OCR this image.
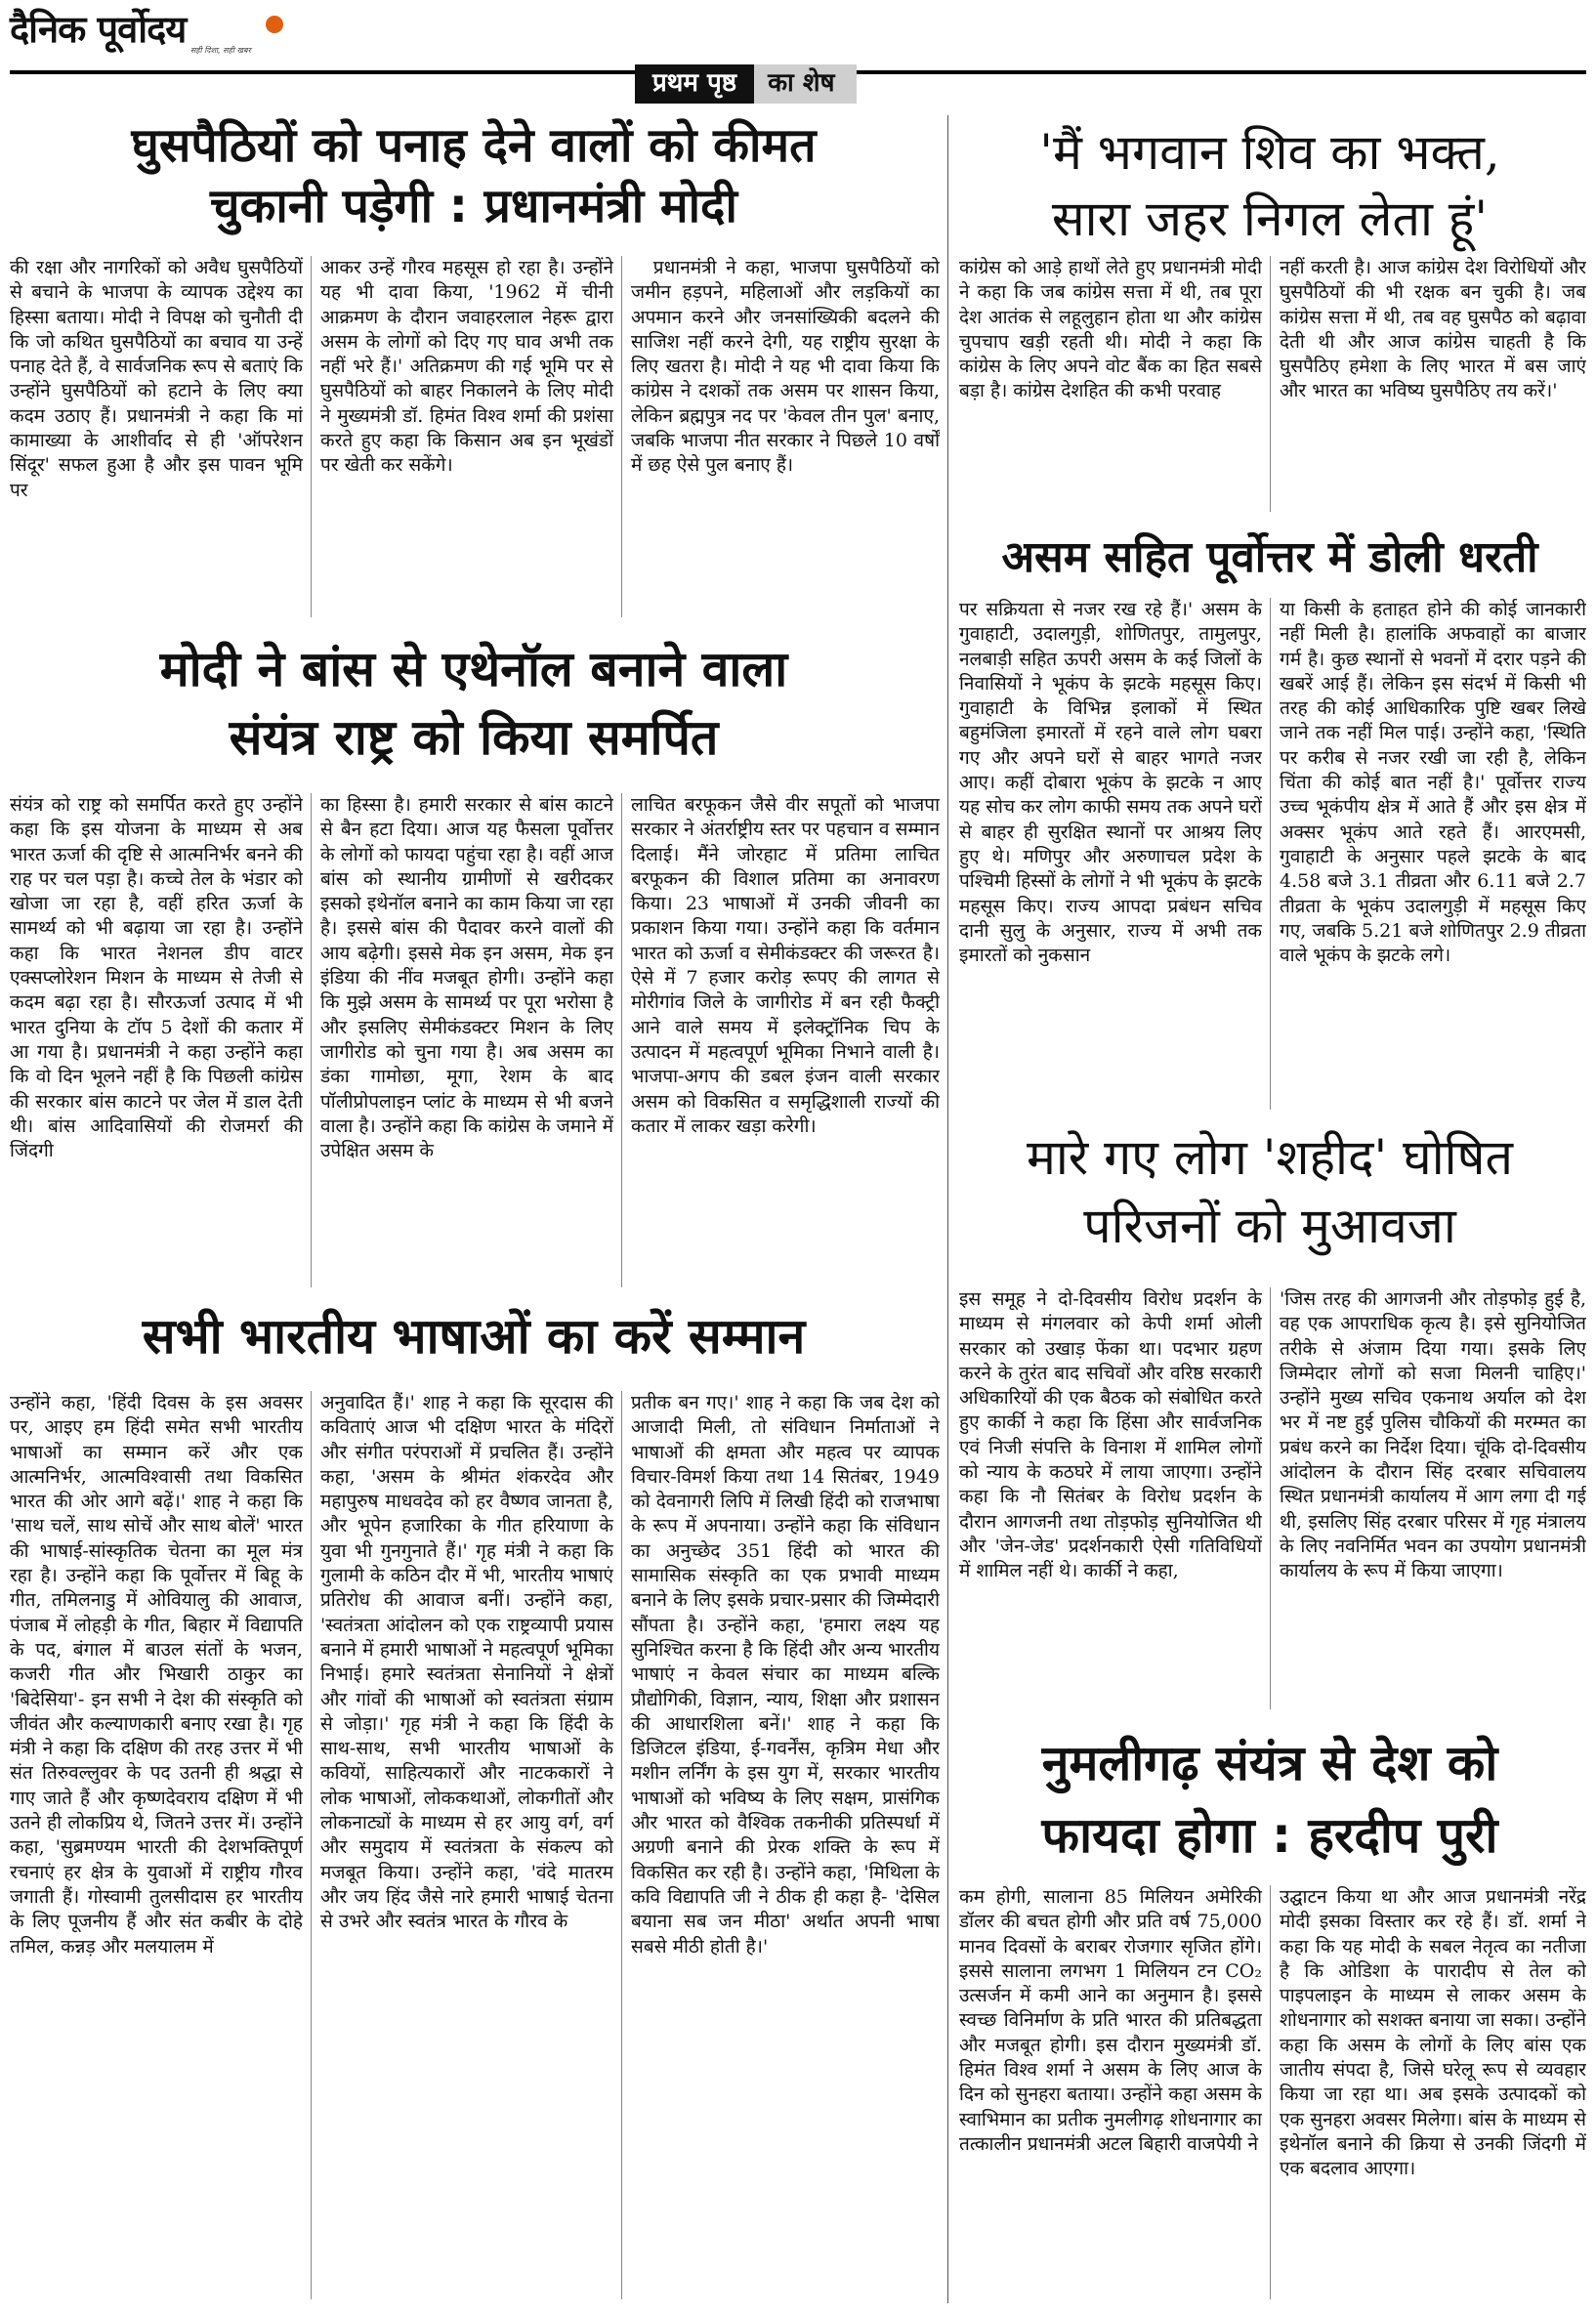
दैनिक पूर्वोदय सही दिशा, सही खबर
प्रथम पृष्ठ	का शेष
घुसपैठियों को पनाह देने वालों को कीमत
चुकानी पड़ेगी : प्रधानमंत्री मोदी

की रक्षा और नागरिकों को अवैध घुसपैठियों से बचाने के भाजपा के व्यापक उद्देश्य का हिस्सा बताया। मोदी ने विपक्ष को चुनौती दी कि जो कथित घुसपैठियों का बचाव या उन्हें पनाह देते हैं, वे सार्वजनिक रूप से बताएं कि उन्होंने घुसपैठियों को हटाने के लिए क्या कदम उठाए हैं। प्रधानमंत्री ने कहा कि मां कामाख्या के आशीर्वाद से ही 'ऑपरेशन सिंदूर' सफल हुआ है और इस पावन भूमि पर

आकर उन्हें गौरव महसूस हो रहा है। उन्होंने यह भी दावा किया, '1962 में चीनी आक्रमण के दौरान जवाहरलाल नेहरू द्वारा असम के लोगों को दिए गए घाव अभी तक नहीं भरे हैं।' अतिक्रमण की गई भूमि पर से घुसपैठियों को बाहर निकालने के लिए मोदी ने मुख्यमंत्री डॉ. हिमंत विश्व शर्मा की प्रशंसा करते हुए कहा कि किसान अब इन भूखंडों पर खेती कर सकेंगे।

प्रधानमंत्री ने कहा, भाजपा घुसपैठियों को जमीन हड़पने, महिलाओं और लड़कियों का अपमान करने और जनसांख्यिकी बदलने की साजिश नहीं करने देगी, यह राष्ट्रीय सुरक्षा के लिए खतरा है। मोदी ने यह भी दावा किया कि कांग्रेस ने दशकों तक असम पर शासन किया, लेकिन ब्रह्मपुत्र नद पर 'केवल तीन पुल' बनाए, जबकि भाजपा नीत सरकार ने पिछले 10 वर्षों में छह ऐसे पुल बनाए हैं।

'मैं भगवान शिव का भक्त,
सारा जहर निगल लेता हूं'

कांग्रेस को आड़े हाथों लेते हुए प्रधानमंत्री मोदी ने कहा कि जब कांग्रेस सत्ता में थी, तब पूरा देश आतंक से लहूलुहान होता था और कांग्रेस चुपचाप खड़ी रहती थी। मोदी ने कहा कि कांग्रेस के लिए अपने वोट बैंक का हित सबसे बड़ा है। कांग्रेस देशहित की कभी परवाह

नहीं करती है। आज कांग्रेस देश विरोधियों और घुसपैठियों की भी रक्षक बन चुकी है। जब कांग्रेस सत्ता में थी, तब वह घुसपैठ को बढ़ावा देती थी और आज कांग्रेस चाहती है कि घुसपैठिए हमेशा के लिए भारत में बस जाएं और भारत का भविष्य घुसपैठिए तय करें।'

असम सहित पूर्वोत्तर में डोली धरती

पर सक्रियता से नजर रख रहे हैं।' असम के गुवाहाटी, उदालगुड़ी, शोणितपुर, तामुलपुर, नलबाड़ी सहित ऊपरी असम के कई जिलों के निवासियों ने भूकंप के झटके महसूस किए। गुवाहाटी के विभिन्न इलाकों में स्थित बहुमंजिला इमारतों में रहने वाले लोग घबरा गए और अपने घरों से बाहर भागते नजर आए। कहीं दोबारा भूकंप के झटके न आए यह सोच कर लोग काफी समय तक अपने घरों से बाहर ही सुरक्षित स्थानों पर आश्रय लिए हुए थे। मणिपुर और अरुणाचल प्रदेश के पश्चिमी हिस्सों के लोगों ने भी भूकंप के झटके महसूस किए। राज्य आपदा प्रबंधन सचिव दानी सुलु के अनुसार, राज्य में अभी तक इमारतों को नुकसान

या किसी के हताहत होने की कोई जानकारी नहीं मिली है। हालांकि अफवाहों का बाजार गर्म है। कुछ स्थानों से भवनों में दरार पड़ने की खबरें आई हैं। लेकिन इस संदर्भ में किसी भी तरह की कोई आधिकारिक पुष्टि खबर लिखे जाने तक नहीं मिल पाई। उन्होंने कहा, 'स्थिति पर करीब से नजर रखी जा रही है, लेकिन चिंता की कोई बात नहीं है।' पूर्वोत्तर राज्य उच्च भूकंपीय क्षेत्र में आते हैं और इस क्षेत्र में अक्सर भूकंप आते रहते हैं। आरएमसी, गुवाहाटी के अनुसार पहले झटके के बाद 4.58 बजे 3.1 तीव्रता और 6.11 बजे 2.7 तीव्रता के भूकंप उदालगुड़ी में महसूस किए गए, जबकि 5.21 बजे शोणितपुर 2.9 तीव्रता वाले भूकंप के झटके लगे।

मोदी ने बांस से एथेनॉल बनाने वाला
संयंत्र राष्ट्र को किया समर्पित

संयंत्र को राष्ट्र को समर्पित करते हुए उन्होंने कहा कि इस योजना के माध्यम से अब भारत ऊर्जा की दृष्टि से आत्मनिर्भर बनने की राह पर चल पड़ा है। कच्चे तेल के भंडार को खोजा जा रहा है, वहीं हरित ऊर्जा के सामर्थ्य को भी बढ़ाया जा रहा है। उन्होंने कहा कि भारत नेशनल डीप वाटर एक्सप्लोरेशन मिशन के माध्यम से तेजी से कदम बढ़ा रहा है। सौरऊर्जा उत्पाद में भी भारत दुनिया के टॉप 5 देशों की कतार में आ गया है। प्रधानमंत्री ने कहा उन्होंने कहा कि वो दिन भूलने नहीं है कि पिछली कांग्रेस की सरकार बांस काटने पर जेल में डाल देती थी। बांस आदिवासियों की रोजमर्रा की जिंदगी

का हिस्सा है। हमारी सरकार से बांस काटने से बैन हटा दिया। आज यह फैसला पूर्वोत्तर के लोगों को फायदा पहुंचा रहा है। वहीं आज बांस को स्थानीय ग्रामीणों से खरीदकर इसको इथेनॉल बनाने का काम किया जा रहा है। इससे बांस की पैदावर करने वालों की आय बढ़ेगी। इससे मेक इन असम, मेक इन इंडिया की नींव मजबूत होगी। उन्होंने कहा कि मुझे असम के सामर्थ्य पर पूरा भरोसा है और इसलिए सेमीकंडक्टर मिशन के लिए जागीरोड को चुना गया है। अब असम का डंका गामोछा, मूगा, रेशम के बाद पॉलीप्रोपलाइन प्लांट के माध्यम से भी बजने वाला है। उन्होंने कहा कि कांग्रेस के जमाने में उपेक्षित असम के

लाचित बरफूकन जैसे वीर सपूतों को भाजपा सरकार ने अंतर्राष्ट्रीय स्तर पर पहचान व सम्मान दिलाई। मैंने जोरहाट में प्रतिमा लाचित बरफूकन की विशाल प्रतिमा का अनावरण किया। 23 भाषाओं में उनकी जीवनी का प्रकाशन किया गया। उन्होंने कहा कि वर्तमान भारत को ऊर्जा व सेमीकंडक्टर की जरूरत है। ऐसे में 7 हजार करोड़ रूपए की लागत से मोरीगांव जिले के जागीरोड में बन रही फैक्ट्री आने वाले समय में इलेक्ट्रॉनिक चिप के उत्पादन में महत्वपूर्ण भूमिका निभाने वाली है। भाजपा-अगप की डबल इंजन वाली सरकार असम को विकसित व समृद्धिशाली राज्यों की कतार में लाकर खड़ा करेगी।

मारे गए लोग 'शहीद' घोषित
परिजनों को मुआवजा

इस समूह ने दो-दिवसीय विरोध प्रदर्शन के माध्यम से मंगलवार को केपी शर्मा ओली सरकार को उखाड़ फेंका था। पदभार ग्रहण करने के तुरंत बाद सचिवों और वरिष्ठ सरकारी अधिकारियों की एक बैठक को संबोधित करते हुए कार्की ने कहा कि हिंसा और सार्वजनिक एवं निजी संपत्ति के विनाश में शामिल लोगों को न्याय के कठघरे में लाया जाएगा। उन्होंने कहा कि नौ सितंबर के विरोध प्रदर्शन के दौरान आगजनी तथा तोड़फोड़ सुनियोजित थी और 'जेन-जेड' प्रदर्शनकारी ऐसी गतिविधियों में शामिल नहीं थे। कार्की ने कहा,

'जिस तरह की आगजनी और तोड़फोड़ हुई है, वह एक आपराधिक कृत्य है। इसे सुनियोजित तरीके से अंजाम दिया गया। इसके लिए जिम्मेदार लोगों को सजा मिलनी चाहिए।' उन्होंने मुख्य सचिव एकनाथ अर्याल को देश भर में नष्ट हुई पुलिस चौकियों की मरम्मत का प्रबंध करने का निर्देश दिया। चूंकि दो-दिवसीय आंदोलन के दौरान सिंह दरबार सचिवालय स्थित प्रधानमंत्री कार्यालय में आग लगा दी गई थी, इसलिए सिंह दरबार परिसर में गृह मंत्रालय के लिए नवनिर्मित भवन का उपयोग प्रधानमंत्री कार्यालय के रूप में किया जाएगा।

सभी भारतीय भाषाओं का करें सम्मान

उन्होंने कहा, 'हिंदी दिवस के इस अवसर पर, आइए हम हिंदी समेत सभी भारतीय भाषाओं का सम्मान करें और एक आत्मनिर्भर, आत्मविश्वासी तथा विकसित भारत की ओर आगे बढ़ें।' शाह ने कहा कि 'साथ चलें, साथ सोचें और साथ बोलें' भारत की भाषाई-सांस्कृतिक चेतना का मूल मंत्र रहा है। उन्होंने कहा कि पूर्वोत्तर में बिहू के गीत, तमिलनाडु में ओवियालु की आवाज, पंजाब में लोहड़ी के गीत, बिहार में विद्यापति के पद, बंगाल में बाउल संतों के भजन, कजरी गीत और भिखारी ठाकुर का 'बिदेसिया'- इन सभी ने देश की संस्कृति को जीवंत और कल्याणकारी बनाए रखा है। गृह मंत्री ने कहा कि दक्षिण की तरह उत्तर में भी संत तिरुवल्लुवर के पद उतनी ही श्रद्धा से गाए जाते हैं और कृष्णदेवराय दक्षिण में भी उतने ही लोकप्रिय थे, जितने उत्तर में। उन्होंने कहा, 'सुब्रमण्यम भारती की देशभक्तिपूर्ण रचनाएं हर क्षेत्र के युवाओं में राष्ट्रीय गौरव जगाती हैं। गोस्वामी तुलसीदास हर भारतीय के लिए पूजनीय हैं और संत कबीर के दोहे तमिल, कन्नड़ और मलयालम में

अनुवादित हैं।' शाह ने कहा कि सूरदास की कविताएं आज भी दक्षिण भारत के मंदिरों और संगीत परंपराओं में प्रचलित हैं। उन्होंने कहा, 'असम के श्रीमंत शंकरदेव और महापुरुष माधवदेव को हर वैष्णव जानता है, और भूपेन हजारिका के गीत हरियाणा के युवा भी गुनगुनाते हैं।' गृह मंत्री ने कहा कि गुलामी के कठिन दौर में भी, भारतीय भाषाएं प्रतिरोध की आवाज बनीं। उन्होंने कहा, 'स्वतंत्रता आंदोलन को एक राष्ट्रव्यापी प्रयास बनाने में हमारी भाषाओं ने महत्वपूर्ण भूमिका निभाई। हमारे स्वतंत्रता सेनानियों ने क्षेत्रों और गांवों की भाषाओं को स्वतंत्रता संग्राम से जोड़ा।' गृह मंत्री ने कहा कि हिंदी के साथ-साथ, सभी भारतीय भाषाओं के कवियों, साहित्यकारों और नाटककारों ने लोक भाषाओं, लोककथाओं, लोकगीतों और लोकनाट्यों के माध्यम से हर आयु वर्ग, वर्ग और समुदाय में स्वतंत्रता के संकल्प को मजबूत किया। उन्होंने कहा, 'वंदे मातरम और जय हिंद जैसे नारे हमारी भाषाई चेतना से उभरे और स्वतंत्र भारत के गौरव के

प्रतीक बन गए।' शाह ने कहा कि जब देश को आजादी मिली, तो संविधान निर्माताओं ने भाषाओं की क्षमता और महत्व पर व्यापक विचार-विमर्श किया तथा 14 सितंबर, 1949 को देवनागरी लिपि में लिखी हिंदी को राजभाषा के रूप में अपनाया। उन्होंने कहा कि संविधान का अनुच्छेद 351 हिंदी को भारत की सामासिक संस्कृति का एक प्रभावी माध्यम बनाने के लिए इसके प्रचार-प्रसार की जिम्मेदारी सौंपता है। उन्होंने कहा, 'हमारा लक्ष्य यह सुनिश्चित करना है कि हिंदी और अन्य भारतीय भाषाएं न केवल संचार का माध्यम बल्कि प्रौद्योगिकी, विज्ञान, न्याय, शिक्षा और प्रशासन की आधारशिला बनें।' शाह ने कहा कि डिजिटल इंडिया, ई-गवर्नेंस, कृत्रिम मेधा और मशीन लर्निंग के इस युग में, सरकार भारतीय भाषाओं को भविष्य के लिए सक्षम, प्रासंगिक और भारत को वैश्विक तकनीकी प्रतिस्पर्धा में अग्रणी बनाने की प्रेरक शक्ति के रूप में विकसित कर रही है। उन्होंने कहा, 'मिथिला के कवि विद्यापति जी ने ठीक ही कहा है- 'देसिल बयाना सब जन मीठा' अर्थात अपनी भाषा सबसे मीठी होती है।'

नुमलीगढ़ संयंत्र से देश को
फायदा होगा : हरदीप पुरी

कम होगी, सालाना 85 मिलियन अमेरिकी डॉलर की बचत होगी और प्रति वर्ष 75,000 मानव दिवसों के बराबर रोजगार सृजित होंगे। इससे सालाना लगभग 1 मिलियन टन CO₂ उत्सर्जन में कमी आने का अनुमान है। इससे स्वच्छ विनिर्माण के प्रति भारत की प्रतिबद्धता और मजबूत होगी। इस दौरान मुख्यमंत्री डॉ. हिमंत विश्व शर्मा ने असम के लिए आज के दिन को सुनहरा बताया। उन्होंने कहा असम के स्वाभिमान का प्रतीक नुमलीगढ़ शोधनागार का तत्कालीन प्रधानमंत्री अटल बिहारी वाजपेयी ने

उद्घाटन किया था और आज प्रधानमंत्री नरेंद्र मोदी इसका विस्तार कर रहे हैं। डॉ. शर्मा ने कहा कि यह मोदी के सबल नेतृत्व का नतीजा है कि ओडिशा के पारादीप से तेल को पाइपलाइन के माध्यम से लाकर असम के शोधनागार को सशक्त बनाया जा सका। उन्होंने कहा कि असम के लोगों के लिए बांस एक जातीय संपदा है, जिसे घरेलू रूप से व्यवहार किया जा रहा था। अब इसके उत्पादकों को एक सुनहरा अवसर मिलेगा। बांस के माध्यम से इथेनॉल बनाने की क्रिया से उनकी जिंदगी में एक बदलाव आएगा।
